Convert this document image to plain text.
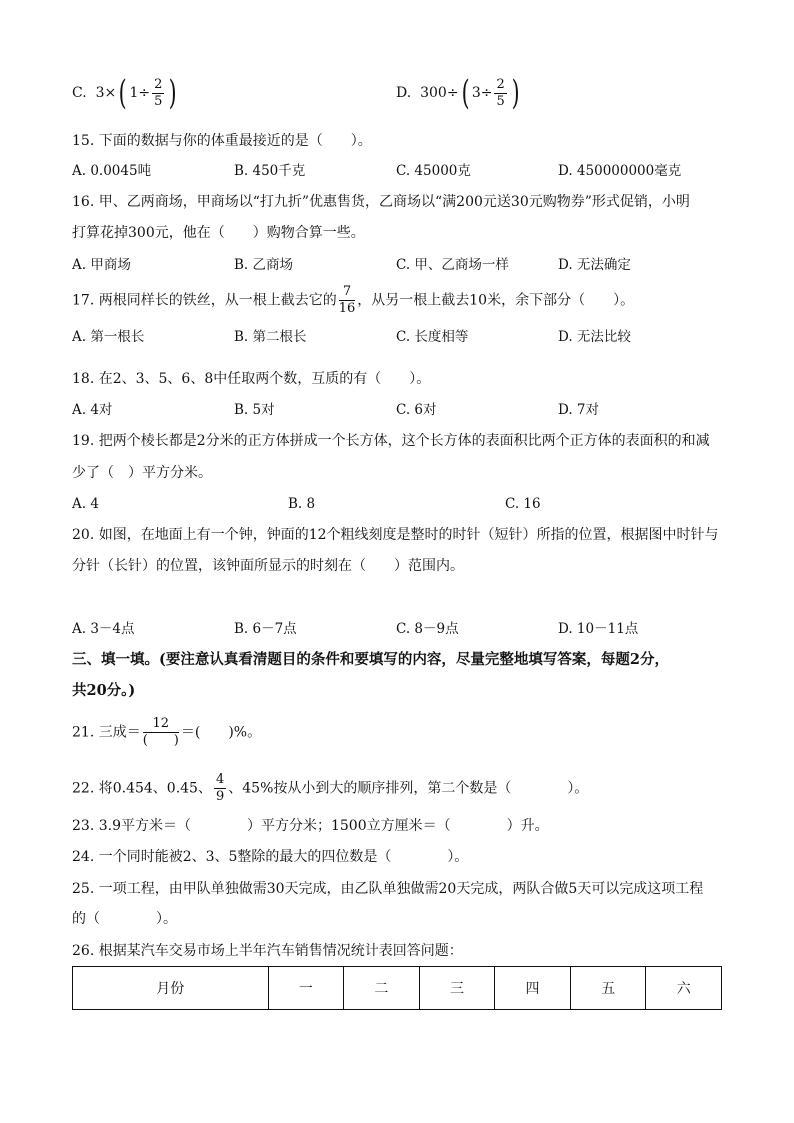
C. 3×( $1\div \frac{2}{5}$ )	D. 300÷( $3\div \frac{2}{5}$ )
15. 下面的数据与你的体重最接近的是（　　）。
A. 0.0045吨	B. 450千克	C. 45000克	D. 450000000毫克
16. 甲、乙两商场，甲商场以“打九折”优惠售货，乙商场以“满200元送30元购物券”形式促销，小明
打算花掉300元，他在（　　）购物合算一些。
A. 甲商场	B. 乙商场	C. 甲、乙商场一样	D. 无法确定
17. 两根同样长的铁丝，从一根上截去它的 $\frac{7}{16}$ ，从另一根上截去10米，余下部分（　　）。
A. 第一根长	B. 第二根长	C. 长度相等	D. 无法比较
18. 在2、3、5、6、8中任取两个数，互质的有（　　）。
A. 4对	B. 5对	C. 6对	D. 7对
19. 把两个棱长都是2分米的正方体拼成一个长方体，这个长方体的表面积比两个正方体的表面积的和减
少了（　）平方分米。
A. 4	B. 8	C. 16
20. 如图，在地面上有一个钟，钟面的12个粗线刻度是整时的时针（短针）所指的位置，根据图中时针与
分针（长针）的位置，该钟面所显示的时刻在（　　）范围内。
A. 3－4点	B. 6－7点	C. 8－9点	D. 10－11点
三、填一填。(要注意认真看清题目的条件和要填写的内容，尽量完整地填写答案，每题2分，
共20分。)
21. 三成＝ $\frac{12}{( )}$ ＝(　　)%。
22. 将0.454、0.45̇、 $\frac{4}{9}$ 、45%按从小到大的顺序排列，第二个数是（　　　　）。
23. 3.9平方米＝（　　　　）平方分米；1500立方厘米＝（　　　　）升。
24. 一个同时能被2、3、5整除的最大的四位数是（　　　　）。
25. 一项工程，由甲队单独做需30天完成，由乙队单独做需20天完成，两队合做5天可以完成这项工程
的（　　　　）。
26. 根据某汽车交易市场上半年汽车销售情况统计表回答问题：
月份	一	二	三	四	五	六
